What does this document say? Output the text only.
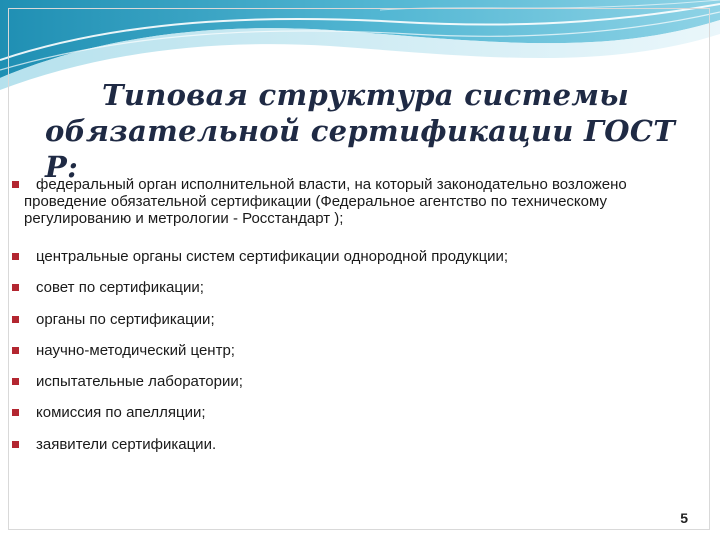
Типовая структура системы
обязательной сертификации ГОСТ Р:
федеральный орган исполнительной власти, на который законодательно возложено проведение обязательной сертификации (Федеральное агентство по техническому регулированию и метрологии - Росстандарт );
центральные органы систем сертификации однородной продукции;
совет по сертификации;
органы по сертификации;
научно-методический центр;
испытательные лаборатории;
комиссия по апелляции;
заявители сертификации.
5
